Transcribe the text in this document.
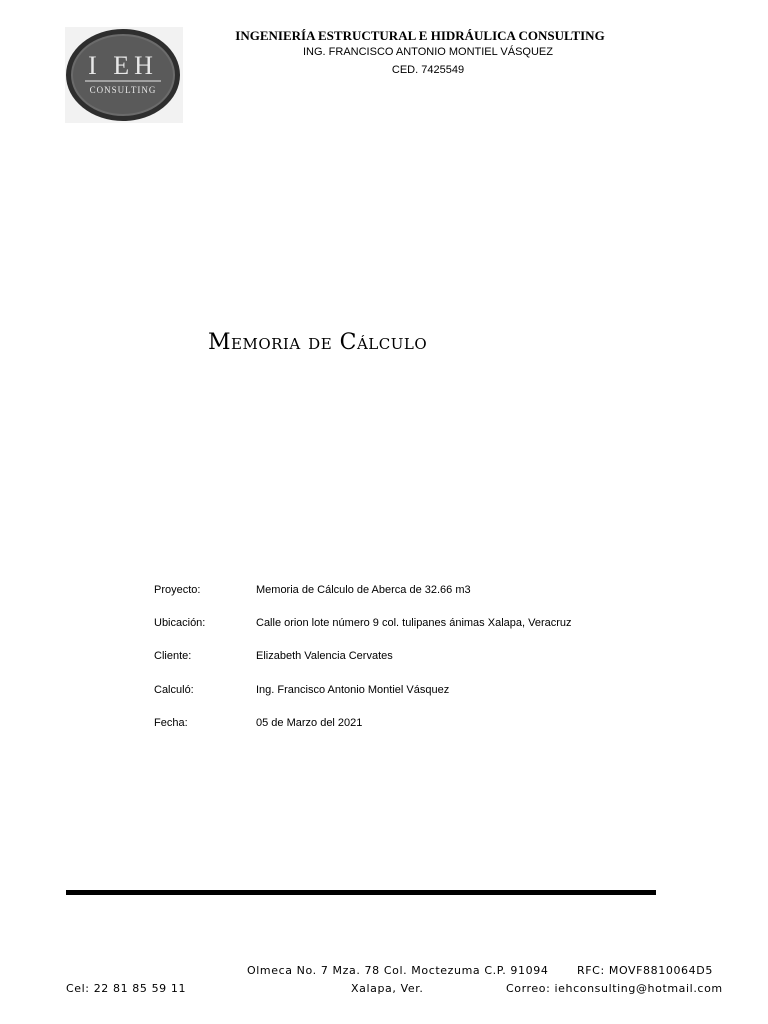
I EH
CONSULTING
INGENIERÍA ESTRUCTURAL E HIDRÁULICA CONSULTING
ING. FRANCISCO ANTONIO MONTIEL VÁSQUEZ
CED. 7425549
Memoria de Cálculo
Proyecto:	Memoria de Cálculo de Aberca de 32.66 m3
Ubicación:	Calle orion lote número 9 col. tulipanes ánimas Xalapa, Veracruz
Cliente:	Elizabeth Valencia Cervates
Calculó:	Ing. Francisco Antonio Montiel Vásquez
Fecha:	05 de Marzo del 2021
Olmeca No. 7 Mza. 78 Col. Moctezuma C.P. 91094	RFC: MOVF8810064D5
Cel: 22 81 85 59 11	Xalapa, Ver.	Correo: iehconsulting@hotmail.com
